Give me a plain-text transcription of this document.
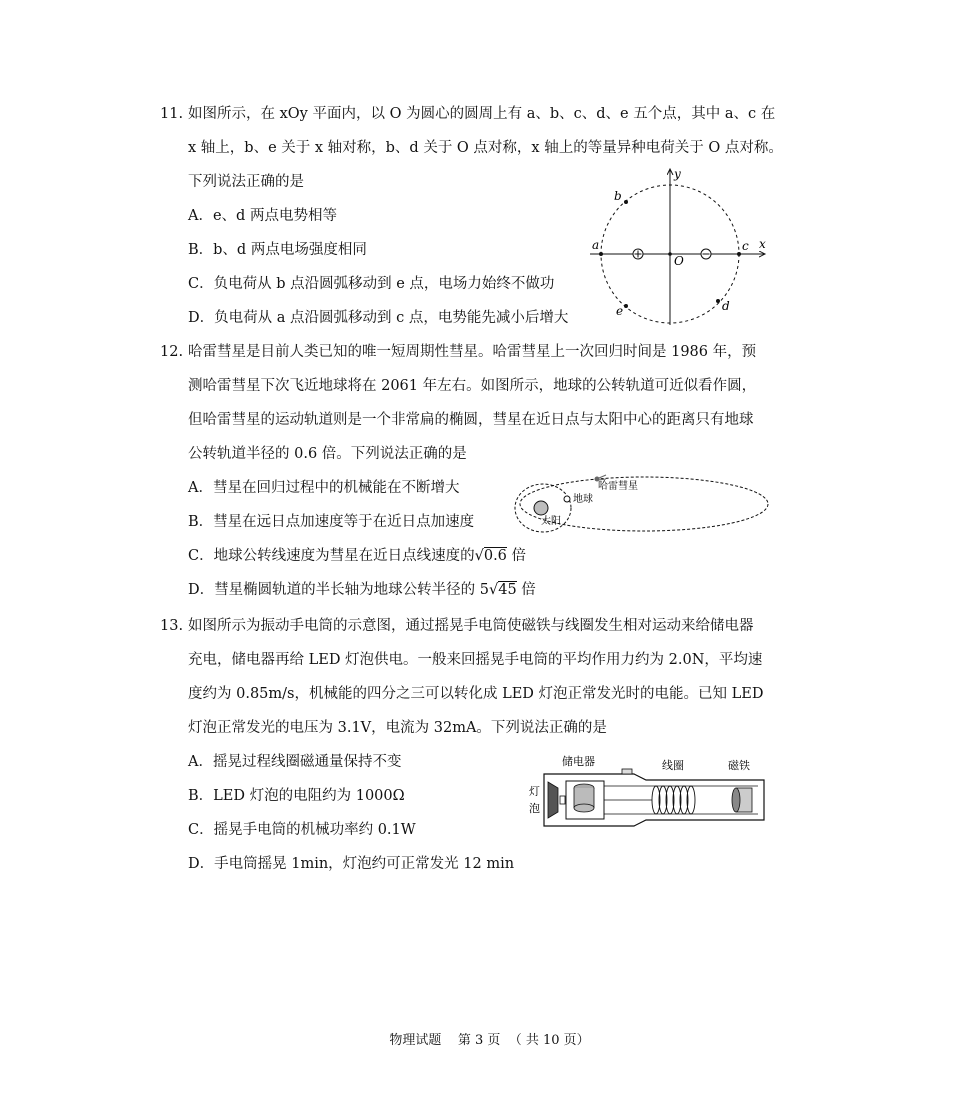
11. 如图所示，在 xOy 平面内，以 O 为圆心的圆周上有 a、b、c、d、e 五个点，其中 a、c 在
x 轴上，b、e 关于 x 轴对称，b、d 关于 O 点对称，x 轴上的等量异种电荷关于 O 点对称。
下列说法正确的是
A．e、d 两点电势相等
B．b、d 两点电场强度相同
C．负电荷从 b 点沿圆弧移动到 e 点，电场力始终不做功
D．负电荷从 a 点沿圆弧移动到 c 点，电势能先减小后增大
x
y
O
a	c
b
d
e
12. 哈雷彗星是目前人类已知的唯一短周期性彗星。哈雷彗星上一次回归时间是 1986 年，预
测哈雷彗星下次飞近地球将在 2061 年左右。如图所示，地球的公转轨道可近似看作圆，
但哈雷彗星的运动轨道则是一个非常扁的椭圆，彗星在近日点与太阳中心的距离只有地球
公转轨道半径的 0.6 倍。下列说法正确的是
A．彗星在回归过程中的机械能在不断增大
B．彗星在远日点加速度等于在近日点加速度
C．地球公转线速度为彗星在近日点线速度的√0.6 倍
D．彗星椭圆轨道的半长轴为地球公转半径的 5√45 倍
太阳
地球
哈雷彗星
13. 如图所示为振动手电筒的示意图，通过摇晃手电筒使磁铁与线圈发生相对运动来给储电器
充电，储电器再给 LED 灯泡供电。一般来回摇晃手电筒的平均作用力约为 2.0N，平均速
度约为 0.85m/s，机械能的四分之三可以转化成 LED 灯泡正常发光时的电能。已知 LED
灯泡正常发光的电压为 3.1V，电流为 32mA。下列说法正确的是
A．摇晃过程线圈磁通量保持不变
B．LED 灯泡的电阻约为 1000Ω
C．摇晃手电筒的机械功率约 0.1W
D．手电筒摇晃 1min，灯泡约可正常发光 12 min
储电器	线圈	磁铁
灯
泡
物理试题    第 3 页  （ 共 10 页）
